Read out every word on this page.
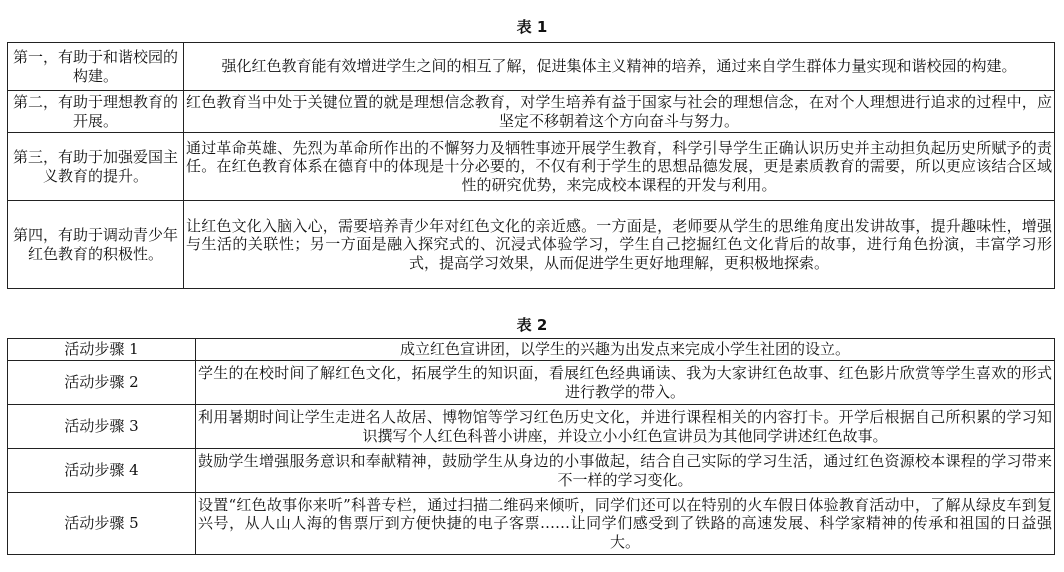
表 1
第一，有助于和谐校园的构建。	强化红色教育能有效增进学生之间的相互了解，促进集体主义精神的培养，通过来自学生群体力量实现和谐校园的构建。
第二，有助于理想教育的开展。	红色教育当中处于关键位置的就是理想信念教育，对学生培养有益于国家与社会的理想信念，在对个人理想进行追求的过程中，应坚定不移朝着这个方向奋斗与努力。
第三，有助于加强爱国主义教育的提升。	通过革命英雄、先烈为革命所作出的不懈努力及牺牲事迹开展学生教育，科学引导学生正确认识历史并主动担负起历史所赋予的责任。在红色教育体系在德育中的体现是十分必要的，不仅有利于学生的思想品德发展，更是素质教育的需要，所以更应该结合区域性的研究优势，来完成校本课程的开发与利用。
第四，有助于调动青少年红色教育的积极性。	让红色文化入脑入心，需要培养青少年对红色文化的亲近感。一方面是，老师要从学生的思维角度出发讲故事，提升趣味性，增强与生活的关联性；另一方面是融入探究式的、沉浸式体验学习，学生自己挖掘红色文化背后的故事，进行角色扮演，丰富学习形式，提高学习效果，从而促进学生更好地理解，更积极地探索。
表 2
活动步骤 1	成立红色宣讲团，以学生的兴趣为出发点来完成小学生社团的设立。
活动步骤 2	学生的在校时间了解红色文化，拓展学生的知识面，看展红色经典诵读、我为大家讲红色故事、红色影片欣赏等学生喜欢的形式进行教学的带入。
活动步骤 3	利用暑期时间让学生走进名人故居、博物馆等学习红色历史文化，并进行课程相关的内容打卡。开学后根据自己所积累的学习知识撰写个人红色科普小讲座，并设立小小红色宣讲员为其他同学讲述红色故事。
活动步骤 4	鼓励学生增强服务意识和奉献精神，鼓励学生从身边的小事做起，结合自己实际的学习生活，通过红色资源校本课程的学习带来不一样的学习变化。
活动步骤 5	设置“红色故事你来听”科普专栏，通过扫描二维码来倾听，同学们还可以在特别的火车假日体验教育活动中，了解从绿皮车到复兴号，从人山人海的售票厅到方便快捷的电子客票……让同学们感受到了铁路的高速发展、科学家精神的传承和祖国的日益强大。
